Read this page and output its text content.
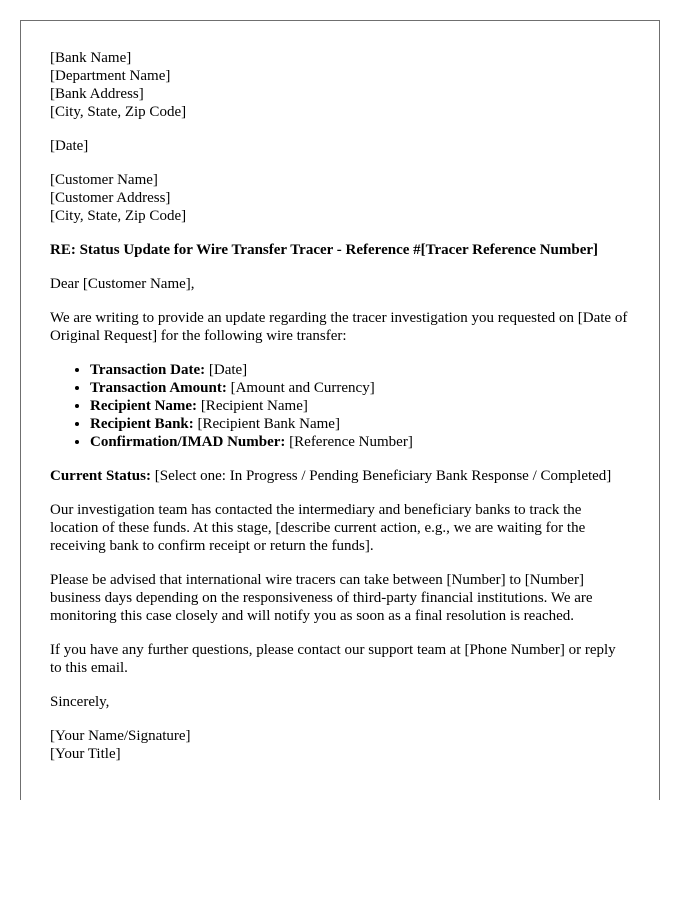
[Bank Name]
[Department Name]
[Bank Address]
[City, State, Zip Code]
[Date]
[Customer Name]
[Customer Address]
[City, State, Zip Code]

RE: Status Update for Wire Transfer Tracer - Reference #[Tracer Reference Number]

Dear [Customer Name],

We are writing to provide an update regarding the tracer investigation you requested on [Date of Original Request] for the following wire transfer:

• Transaction Date: [Date]
• Transaction Amount: [Amount and Currency]
• Recipient Name: [Recipient Name]
• Recipient Bank: [Recipient Bank Name]
• Confirmation/IMAD Number: [Reference Number]

Current Status: [Select one: In Progress / Pending Beneficiary Bank Response / Completed]

Our investigation team has contacted the intermediary and beneficiary banks to track the location of these funds. At this stage, [describe current action, e.g., we are waiting for the receiving bank to confirm receipt or return the funds].

Please be advised that international wire tracers can take between [Number] to [Number] business days depending on the responsiveness of third-party financial institutions. We are monitoring this case closely and will notify you as soon as a final resolution is reached.

If you have any further questions, please contact our support team at [Phone Number] or reply to this email.

Sincerely,

[Your Name/Signature]
[Your Title]
